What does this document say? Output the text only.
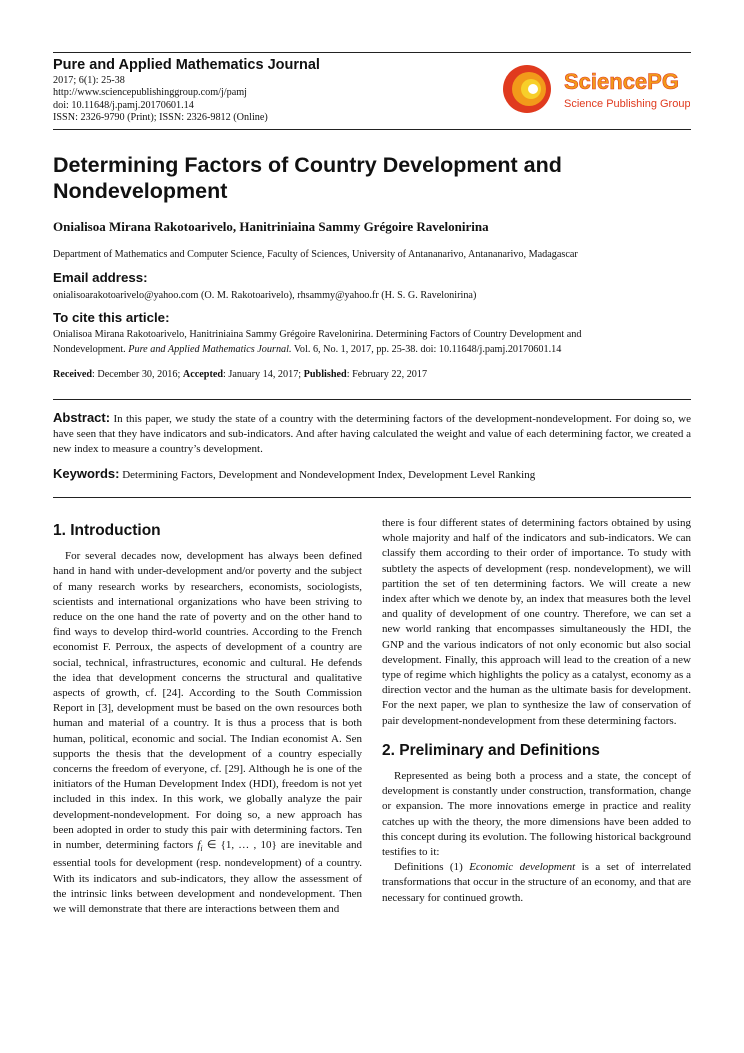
Pure and Applied Mathematics Journal
2017; 6(1): 25-38
http://www.sciencepublishinggroup.com/j/pamj
doi: 10.11648/j.pamj.20170601.14
ISSN: 2326-9790 (Print); ISSN: 2326-9812 (Online)
SciencePG
Science Publishing Group
Determining Factors of Country Development and
Nondevelopment
Onialisoa Mirana Rakotoarivelo, Hanitriniaina Sammy Grégoire Ravelonirina
Department of Mathematics and Computer Science, Faculty of Sciences, University of Antananarivo, Antananarivo, Madagascar
Email address:
onialisoarakotoarivelo@yahoo.com (O. M. Rakotoarivelo), rhsammy@yahoo.fr (H. S. G. Ravelonirina)
To cite this article:
Onialisoa Mirana Rakotoarivelo, Hanitriniaina Sammy Grégoire Ravelonirina. Determining Factors of Country Development and
Nondevelopment. Pure and Applied Mathematics Journal. Vol. 6, No. 1, 2017, pp. 25-38. doi: 10.11648/j.pamj.20170601.14
Received: December 30, 2016; Accepted: January 14, 2017; Published: February 22, 2017
Abstract: In this paper, we study the state of a country with the determining factors of the development-nondevelopment. For doing so, we have seen that they have indicators and sub-indicators. And after having calculated the weight and value of each determining factor, we created a new index to measure a country’s development.
Keywords: Determining Factors, Development and Nondevelopment Index, Development Level Ranking
1. Introduction

For several decades now, development has always been defined hand in hand with under-development and/or poverty and the subject of many research works by researchers, economists, sociologists, scientists and international organizations who have been striving to reduce on the one hand the rate of poverty and on the other hand to find ways to develop third-world countries. According to the French economist F. Perroux, the aspects of development of a country are social, technical, infrastructures, economic and cultural. He defends the idea that development concerns the structural and qualitative aspects of growth, cf. [24]. According to the South Commission Report in [3], development must be based on the own resources both human and material of a country. It is thus a process that is both human, political, economic and social. The Indian economist A. Sen supports the thesis that the development of a country especially concerns the freedom of everyone, cf. [29]. Although he is one of the initiators of the Human Development Index (HDI), freedom is not yet included in this index. In this work, we globally analyze the pair development-nondevelopment. For doing so, a new approach has been adopted in order to study this pair with determining factors. Ten in number, determining factors $f_i$ ∈ {1, … , 10} are inevitable and essential tools for development (resp. nondevelopment) of a country. With its indicators and sub-indicators, they allow the assessment of the intrinsic links between development and nondevelopment. Then we will demonstrate that there are interactions between them and

there is four different states of determining factors obtained by using whole majority and half of the indicators and sub-indicators. We can classify them according to their order of importance. To study with subtlety the aspects of development (resp. nondevelopment), we will partition the set of ten determining factors. We will create a new index after which we denote by, an index that measures both the level and quality of development of one country. Therefore, we can set a new world ranking that encompasses simultaneously the HDI, the GNP and the various indicators of not only economic but also social development. Finally, this approach will lead to the creation of a new type of regime which highlights the policy as a catalyst, economy as a direction vector and the human as the ultimate basis for development. For the next paper, we plan to synthesize the law of conservation of pair development-nondevelopment from these determining factors.

2. Preliminary and Definitions

Represented as being both a process and a state, the concept of development is constantly under construction, transformation, change or expansion. The more innovations emerge in practice and reality catches up with the theory, the more dimensions have been added to this concept during its evolution. The following historical background testifies to it:

Definitions (1) Economic development is a set of interrelated transformations that occur in the structure of an economy, and that are necessary for continued growth.
